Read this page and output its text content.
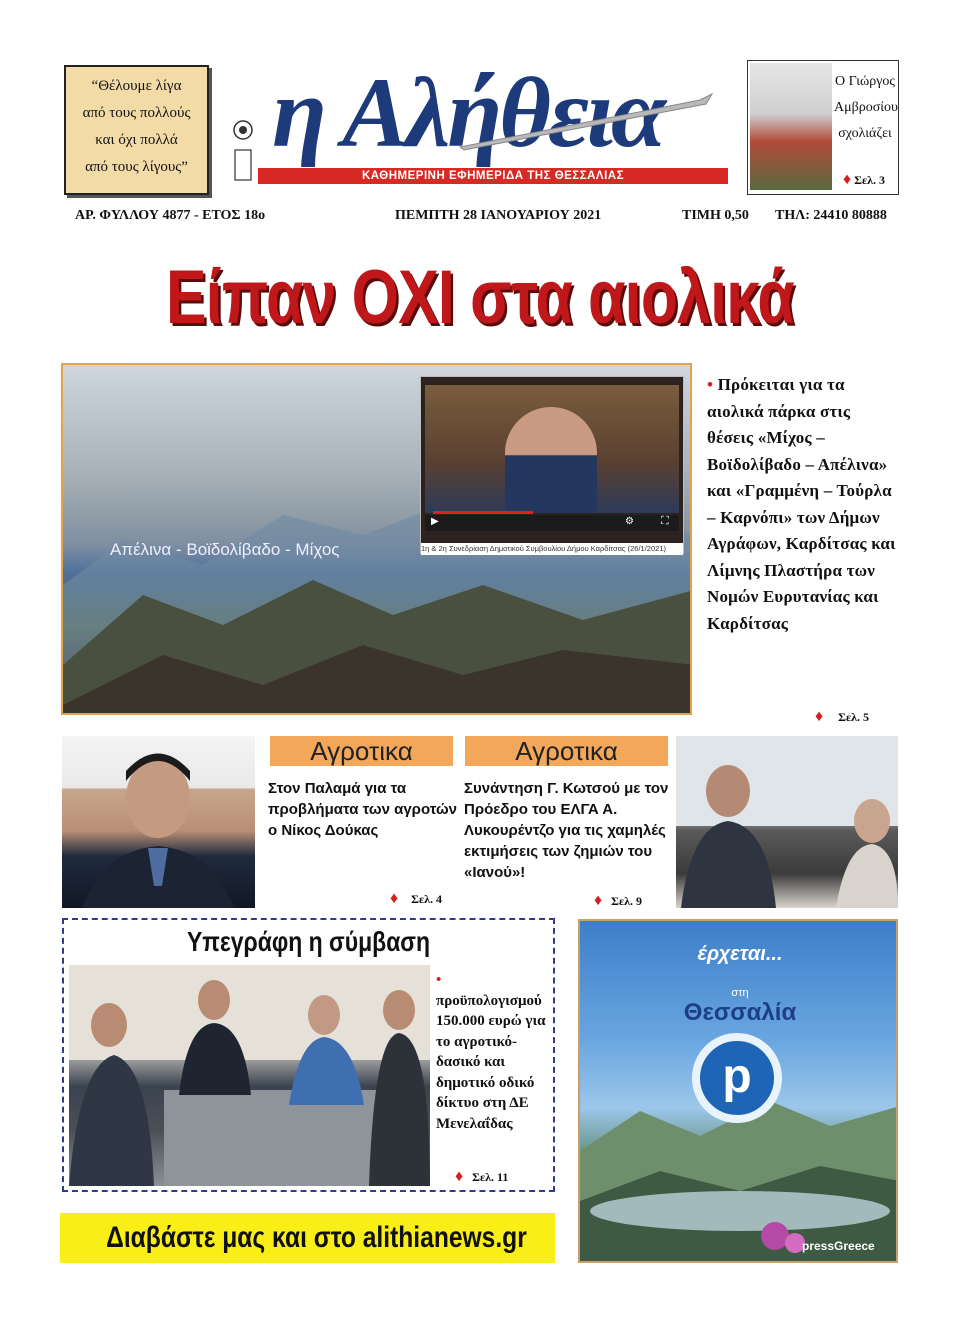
“Θέλουμε λίγα
από τους πολλούς
και όχι πολλά
από τους λίγους” η Αλήθεια
ΚΑΘΗΜΕΡΙΝΗ ΕΦΗΜΕΡΙΔΑ ΤΗΣ ΘΕΣΣΑΛΙΑΣ
Ο Γιώργος
Αμβροσίου
σχολιάζει
♦ Σελ. 3
ΑΡ. ΦΥΛΛΟΥ 4877 - ΕΤΟΣ 18ο	ΠΕΜΠΤΗ 28 ΙΑΝΟΥΑΡΙΟΥ 2021	ΤΙΜΗ 0,50 ΤΗΛ: 24410 80888
Είπαν ΟΧΙ στα αιολικά
Απέλινα - Βοϊδολίβαδο - Μίχος
▶	⚙ ⛶
1η & 2η Συνεδρίαση Δημοτικού Συμβουλίου Δήμου Καρδίτσας (26/1/2021)
• Πρόκειται για τα αιολικά πάρκα στις θέσεις «Μίχος – Βοϊδολίβαδο – Απέλινα» και «Γραμμένη – Τούρλα – Καρνόπι» των Δήμων Αγράφων, Καρδίτσας και Λίμνης Πλαστήρα των Νομών Ευρυτανίας και Καρδίτσας
♦ Σελ. 5
Αγροτικα	Αγροτικα
Στον Παλαμά για τα προβλήματα των αγροτών ο Νίκος Δούκας
Συνάντηση Γ. Κωτσού με τον Πρόεδρο του ΕΛΓΑ Α. Λυκουρέντζο για τις χαμηλές εκτιμήσεις των ζημιών του «Ιανού»!
♦ Σελ. 4	♦ Σελ. 9
Υπεγράφη η σύμβαση
• προϋπολογισμού 150.000 ευρώ για το αγροτικό-δασικό και δημοτικό οδικό δίκτυο στη ΔΕ Μενελαΐδας
♦ Σελ. 11
έρχεται...
στη
Θεσσαλία
p
pressGreece
Διαβάστε μας και στο alithianews.gr
